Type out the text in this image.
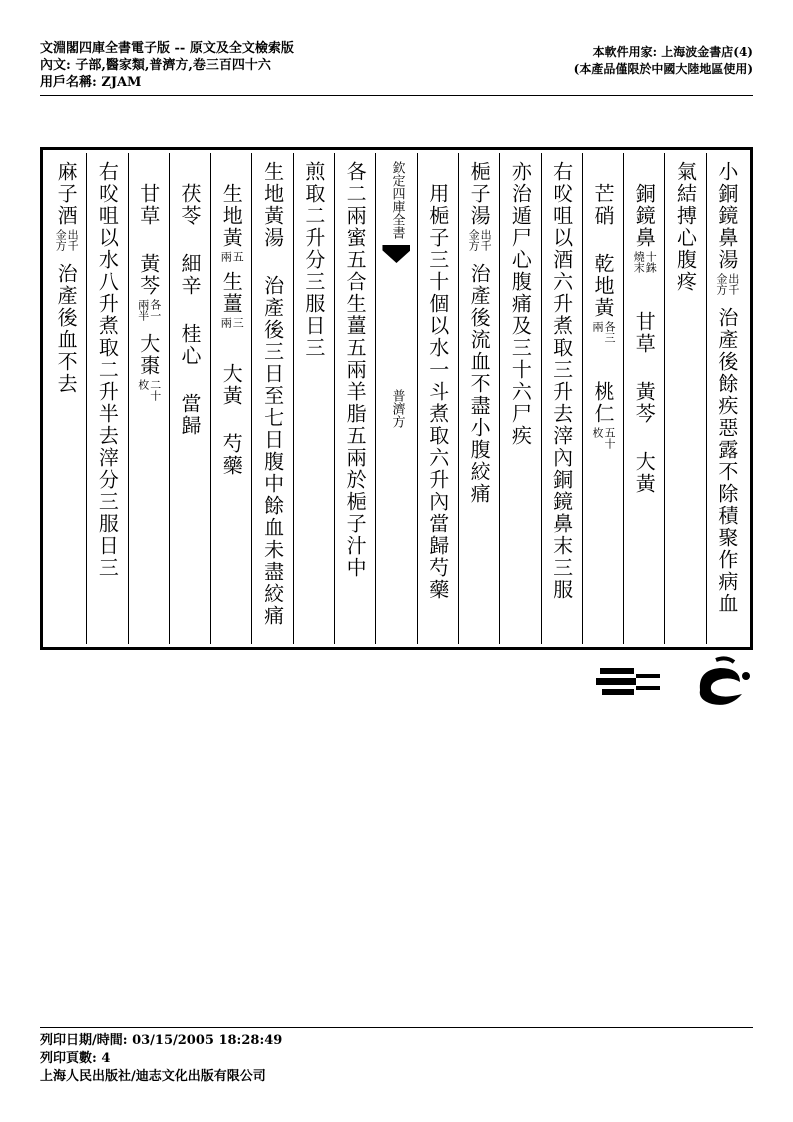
文淵閣四庫全書電子版 -- 原文及全文檢索版
內文: 子部,醫家類,普濟方,卷三百四十六
用戶名稱: ZJAM
本軟件用家: 上海波金書店(4)
(本產品僅限於中國大陸地區使用)
小銅鏡鼻湯
出千金方
治產後餘疾惡露不除積聚作病血
氣結搏心腹疼
　銅鏡鼻
十銖燒末
甘草
黃芩
大黃
　芒硝
乾地黃
各三兩
桃仁
五十枚
右㕮咀以酒六升煮取三升去滓內銅鏡鼻末三服
亦治遁尸心腹痛及三十六尸疾
梔子湯
出千金方
治產後流血不盡小腹絞痛
　用梔子三十個以水一斗煮取六升內當歸芍藥
欽定四庫全書
普濟方
各二兩蜜五合生薑五兩羊脂五兩於梔子汁中
煎取二升分三服日三
生地黃湯
治產後三日至七日腹中餘血未盡絞痛
　生地黃
五兩
生薑
三兩
大黃
芍藥
　茯苓
細辛
桂心
當歸
　甘草
黃芩
各一兩半
大棗
二十枚
右㕮咀以水八升煮取二升半去滓分三服日三
麻子酒
出千金方
治產後血不去
列印日期/時間: 03/15/2005 18:28:49
列印頁數: 4
上海人民出版社/迪志文化出版有限公司
